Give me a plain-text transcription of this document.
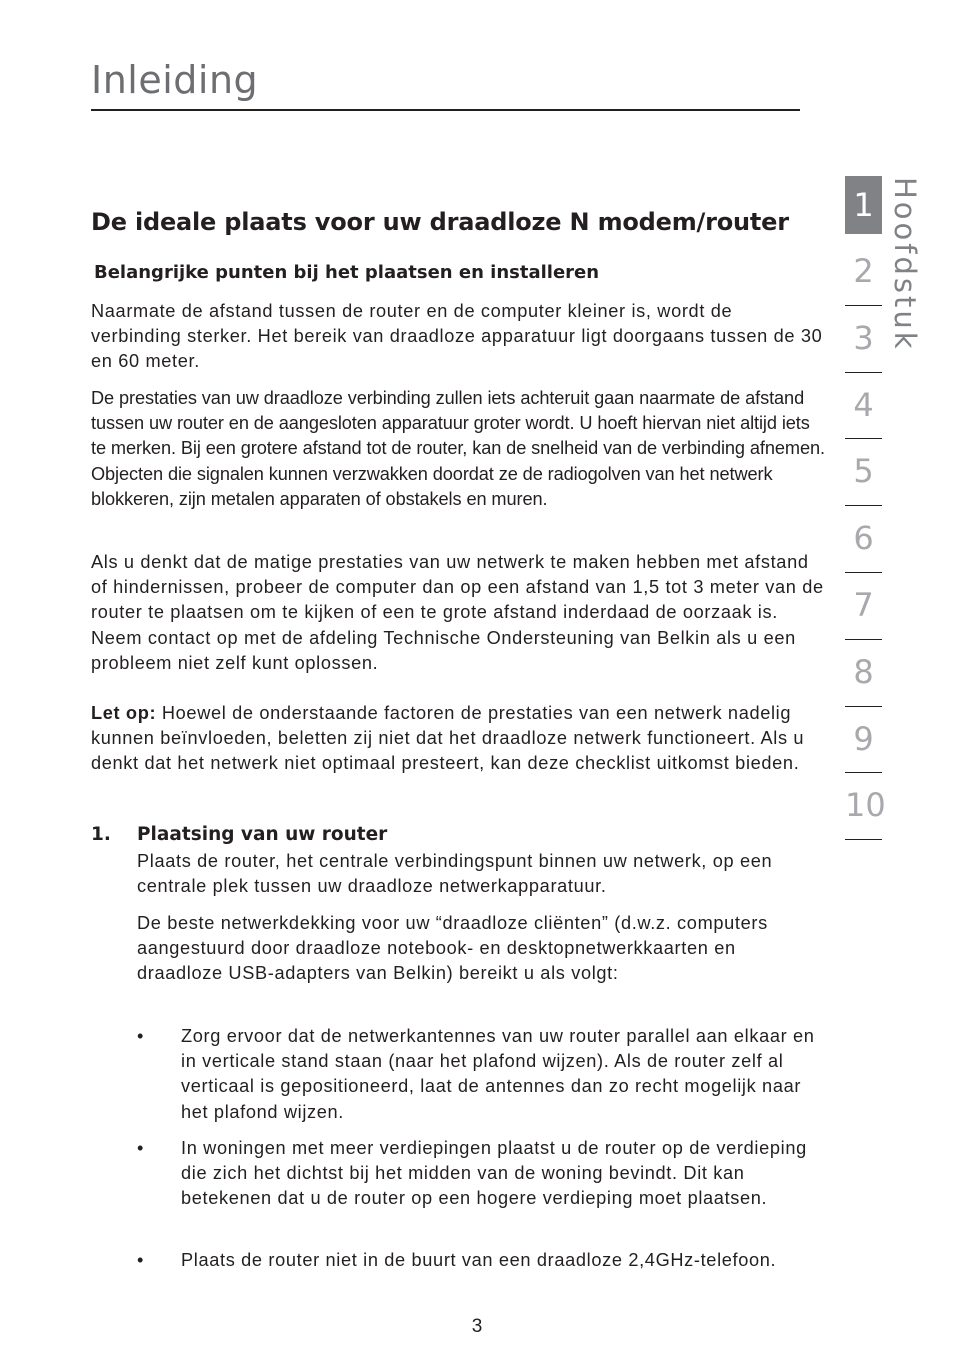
Inleiding
De ideale plaats voor uw draadloze N modem/router
Belangrijke punten bij het plaatsen en installeren

Naarmate de afstand tussen de router en de computer kleiner is, wordt de verbinding sterker. Het bereik van draadloze apparatuur ligt doorgaans tussen de 30 en 60 meter.

De prestaties van uw draadloze verbinding zullen iets achteruit gaan naarmate de afstand tussen uw router en de aangesloten apparatuur groter wordt. U hoeft hiervan niet altijd iets te merken. Bij een grotere afstand tot de router, kan de snelheid van de verbinding afnemen. Objecten die signalen kunnen verzwakken doordat ze de radiogolven van het netwerk blokkeren, zijn metalen apparaten of obstakels en muren.

Als u denkt dat de matige prestaties van uw netwerk te maken hebben met afstand of hindernissen, probeer de computer dan op een afstand van 1,5 tot 3 meter van de router te plaatsen om te kijken of een te grote afstand inderdaad de oorzaak is. Neem contact op met de afdeling Technische Ondersteuning van Belkin als u een probleem niet zelf kunt oplossen.

Let op: Hoewel de onderstaande factoren de prestaties van een netwerk nadelig kunnen beïnvloeden, beletten zij niet dat het draadloze netwerk functioneert. Als u denkt dat het netwerk niet optimaal presteert, kan deze checklist uitkomst bieden.

1. Plaatsing van uw router

Plaats de router, het centrale verbindingspunt binnen uw netwerk, op een centrale plek tussen uw draadloze netwerkapparatuur.

De beste netwerkdekking voor uw “draadloze cliënten” (d.w.z. computers aangestuurd door draadloze notebook- en desktopnetwerkkaarten en draadloze USB-adapters van Belkin) bereikt u als volgt:

• Zorg ervoor dat de netwerkantennes van uw router parallel aan elkaar en in verticale stand staan (naar het plafond wijzen). Als de router zelf al verticaal is gepositioneerd, laat de antennes dan zo recht mogelijk naar het plafond wijzen.

• In woningen met meer verdiepingen plaatst u de router op de verdieping die zich het dichtst bij het midden van de woning bevindt. Dit kan betekenen dat u de router op een hogere verdieping moet plaatsen.

• Plaats de router niet in de buurt van een draadloze 2,4GHz-telefoon.

3
1
2
3
4
5
6
7
8
9
10
Hoofdstuk
